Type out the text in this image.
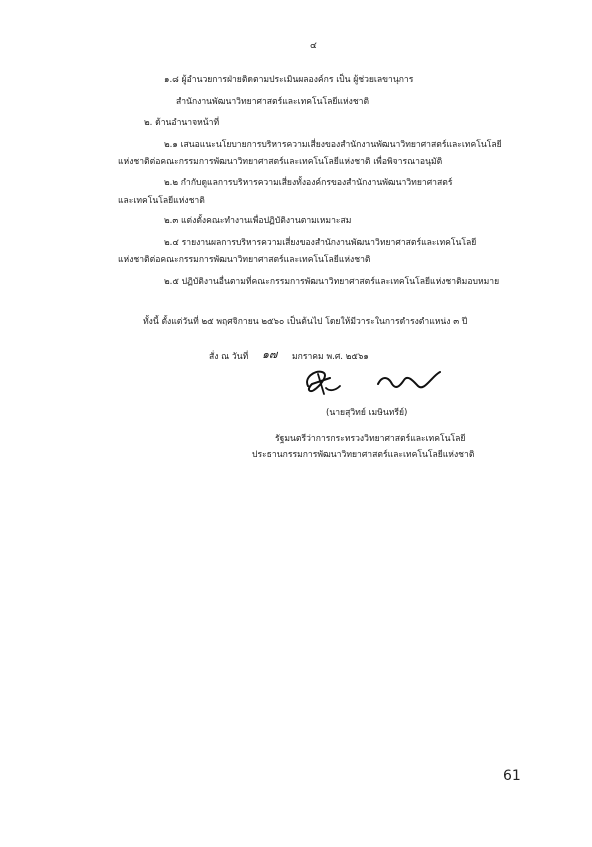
๔
๑.๘ ผู้อำนวยการฝ่ายติดตามประเมินผลองค์กร เป็น ผู้ช่วยเลขานุการ
สำนักงานพัฒนาวิทยาศาสตร์และเทคโนโลยีแห่งชาติ
๒. ด้านอำนาจหน้าที่
๒.๑ เสนอแนะนโยบายการบริหารความเสี่ยงของสำนักงานพัฒนาวิทยาศาสตร์และเทคโนโลยี
แห่งชาติต่อคณะกรรมการพัฒนาวิทยาศาสตร์และเทคโนโลยีแห่งชาติ เพื่อพิจารณาอนุมัติ
๒.๒ กำกับดูแลการบริหารความเสี่ยงทั้งองค์กรของสำนักงานพัฒนาวิทยาศาสตร์
และเทคโนโลยีแห่งชาติ
๒.๓ แต่งตั้งคณะทำงานเพื่อปฏิบัติงานตามเหมาะสม
๒.๔ รายงานผลการบริหารความเสี่ยงของสำนักงานพัฒนาวิทยาศาสตร์และเทคโนโลยี
แห่งชาติต่อคณะกรรมการพัฒนาวิทยาศาสตร์และเทคโนโลยีแห่งชาติ
๒.๕ ปฏิบัติงานอื่นตามที่คณะกรรมการพัฒนาวิทยาศาสตร์และเทคโนโลยีแห่งชาติมอบหมาย
ทั้งนี้ ตั้งแต่วันที่ ๒๕ พฤศจิกายน ๒๕๖๐ เป็นต้นไป โดยให้มีวาระในการดำรงตำแหน่ง ๓ ปี
สั่ง ณ วันที่ ๑๗ มกราคม พ.ศ. ๒๕๖๑
(นายสุวิทย์ เมษินทรีย์)
รัฐมนตรีว่าการกระทรวงวิทยาศาสตร์และเทคโนโลยี
ประธานกรรมการพัฒนาวิทยาศาสตร์และเทคโนโลยีแห่งชาติ
61
